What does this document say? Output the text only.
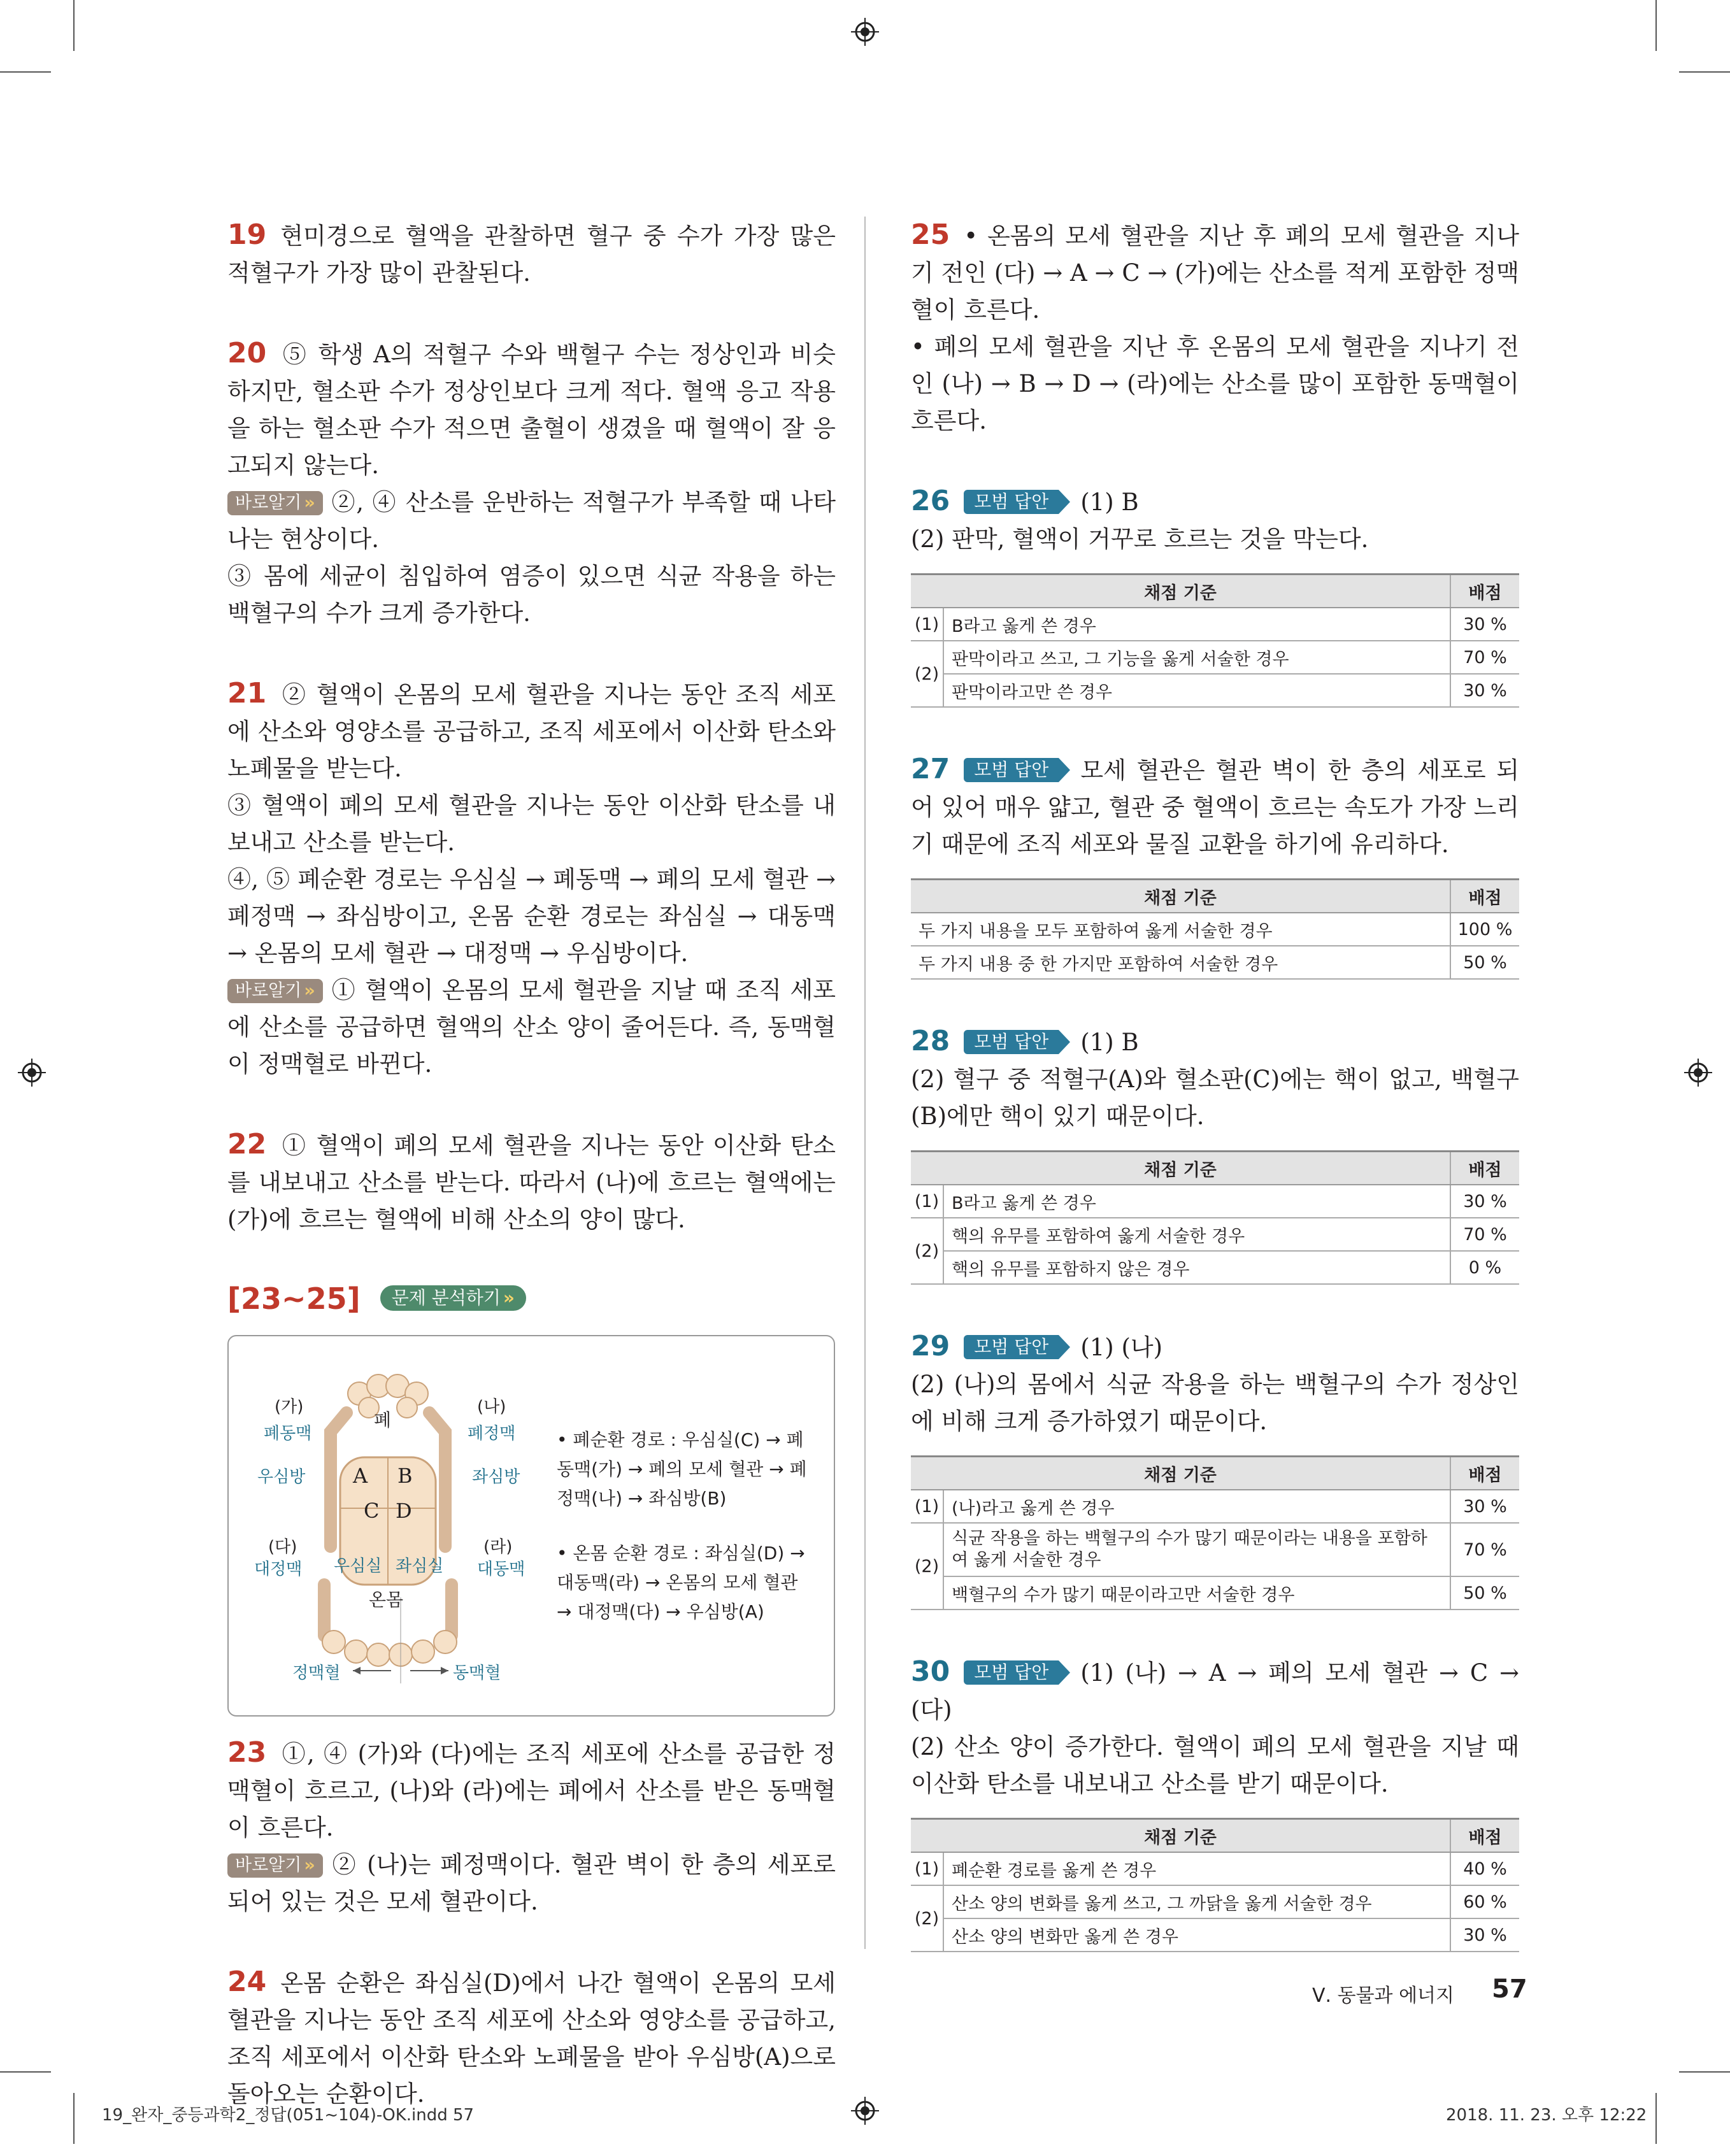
19 현미경으로 혈액을 관찰하면 혈구 중 수가 가장 많은 적혈구가 가장 많이 관찰된다.

20 ⑤ 학생 A의 적혈구 수와 백혈구 수는 정상인과 비슷하지만, 혈소판 수가 정상인보다 크게 적다. 혈액 응고 작용을 하는 혈소판 수가 적으면 출혈이 생겼을 때 혈액이 잘 응고되지 않는다.

바로알기 » ②, ④ 산소를 운반하는 적혈구가 부족할 때 나타나는 현상이다.

③ 몸에 세균이 침입하여 염증이 있으면 식균 작용을 하는 백혈구의 수가 크게 증가한다.

21 ② 혈액이 온몸의 모세 혈관을 지나는 동안 조직 세포에 산소와 영양소를 공급하고, 조직 세포에서 이산화 탄소와 노폐물을 받는다.

③ 혈액이 폐의 모세 혈관을 지나는 동안 이산화 탄소를 내보내고 산소를 받는다.

④, ⑤ 폐순환 경로는 우심실 → 폐동맥 → 폐의 모세 혈관 → 폐정맥 → 좌심방이고, 온몸 순환 경로는 좌심실 → 대동맥 → 온몸의 모세 혈관 → 대정맥 → 우심방이다.

바로알기 » ① 혈액이 온몸의 모세 혈관을 지날 때 조직 세포에 산소를 공급하면 혈액의 산소 양이 줄어든다. 즉, 동맥혈이 정맥혈로 바뀐다.

22 ① 혈액이 폐의 모세 혈관을 지나는 동안 이산화 탄소를 내보내고 산소를 받는다. 따라서 (나)에 흐르는 혈액에는 (가)에 흐르는 혈액에 비해 산소의 양이 많다.

[23~25] 문제 분석하기 »
폐
(가)
폐동맥
(나)
폐정맥
우심방	좌심방
A B
C D
(다)
대정맥
(라)
대동맥
우심실 좌심실
온몸
정맥혈	동맥혈
• 폐순환 경로 : 우심실(C) → 폐동맥(가) → 폐의 모세 혈관 → 폐정맥(나) → 좌심방(B)
• 온몸 순환 경로 : 좌심실(D) → 대동맥(라) → 온몸의 모세 혈관 → 대정맥(다) → 우심방(A)

23 ①, ④ (가)와 (다)에는 조직 세포에 산소를 공급한 정맥혈이 흐르고, (나)와 (라)에는 폐에서 산소를 받은 동맥혈이 흐른다.

바로알기 » ② (나)는 폐정맥이다. 혈관 벽이 한 층의 세포로 되어 있는 것은 모세 혈관이다.

24 온몸 순환은 좌심실(D)에서 나간 혈액이 온몸의 모세 혈관을 지나는 동안 조직 세포에 산소와 영양소를 공급하고, 조직 세포에서 이산화 탄소와 노폐물을 받아 우심방(A)으로 돌아오는 순환이다.

25 • 온몸의 모세 혈관을 지난 후 폐의 모세 혈관을 지나기 전인 (다) → A → C → (가)에는 산소를 적게 포함한 정맥혈이 흐른다.

• 폐의 모세 혈관을 지난 후 온몸의 모세 혈관을 지나기 전인 (나) → B → D → (라)에는 산소를 많이 포함한 동맥혈이 흐른다.

26 모범 답안 (1) B

(2) 판막, 혈액이 거꾸로 흐르는 것을 막는다.

채점 기준		배점
(1)	B라고 옳게 쓴 경우	30 %
(2)	판막이라고 쓰고, 그 기능을 옳게 서술한 경우	70 %
	판막이라고만 쓴 경우	30 %

27 모범 답안 모세 혈관은 혈관 벽이 한 층의 세포로 되어 있어 매우 얇고, 혈관 중 혈액이 흐르는 속도가 가장 느리기 때문에 조직 세포와 물질 교환을 하기에 유리하다.

채점 기준	배점
두 가지 내용을 모두 포함하여 옳게 서술한 경우	100 %
두 가지 내용 중 한 가지만 포함하여 서술한 경우	50 %

28 모범 답안 (1) B

(2) 혈구 중 적혈구(A)와 혈소판(C)에는 핵이 없고, 백혈구(B)에만 핵이 있기 때문이다.

채점 기준		배점
(1)	B라고 옳게 쓴 경우	30 %
(2)	핵의 유무를 포함하여 옳게 서술한 경우	70 %
	핵의 유무를 포함하지 않은 경우	0 %

29 모범 답안 (1) (나)

(2) (나)의 몸에서 식균 작용을 하는 백혈구의 수가 정상인에 비해 크게 증가하였기 때문이다.

채점 기준		배점
(1)	(나)라고 옳게 쓴 경우	30 %
(2)	식균 작용을 하는 백혈구의 수가 많기 때문이라는 내용을 포함하여 옳게 서술한 경우	70 %
	백혈구의 수가 많기 때문이라고만 서술한 경우	50 %

30 모범 답안 (1) (나) → A → 폐의 모세 혈관 → C → (다)

(2) 산소 양이 증가한다. 혈액이 폐의 모세 혈관을 지날 때 이산화 탄소를 내보내고 산소를 받기 때문이다.

채점 기준		배점
(1)	폐순환 경로를 옳게 쓴 경우	40 %
(2)	산소 양의 변화를 옳게 쓰고, 그 까닭을 옳게 서술한 경우	60 %
	산소 양의 변화만 옳게 쓴 경우	30 %
Ⅴ. 동물과 에너지 57
19_완자_중등과학2_정답(051~104)-OK.indd 57	2018. 11. 23. 오후 12:22
